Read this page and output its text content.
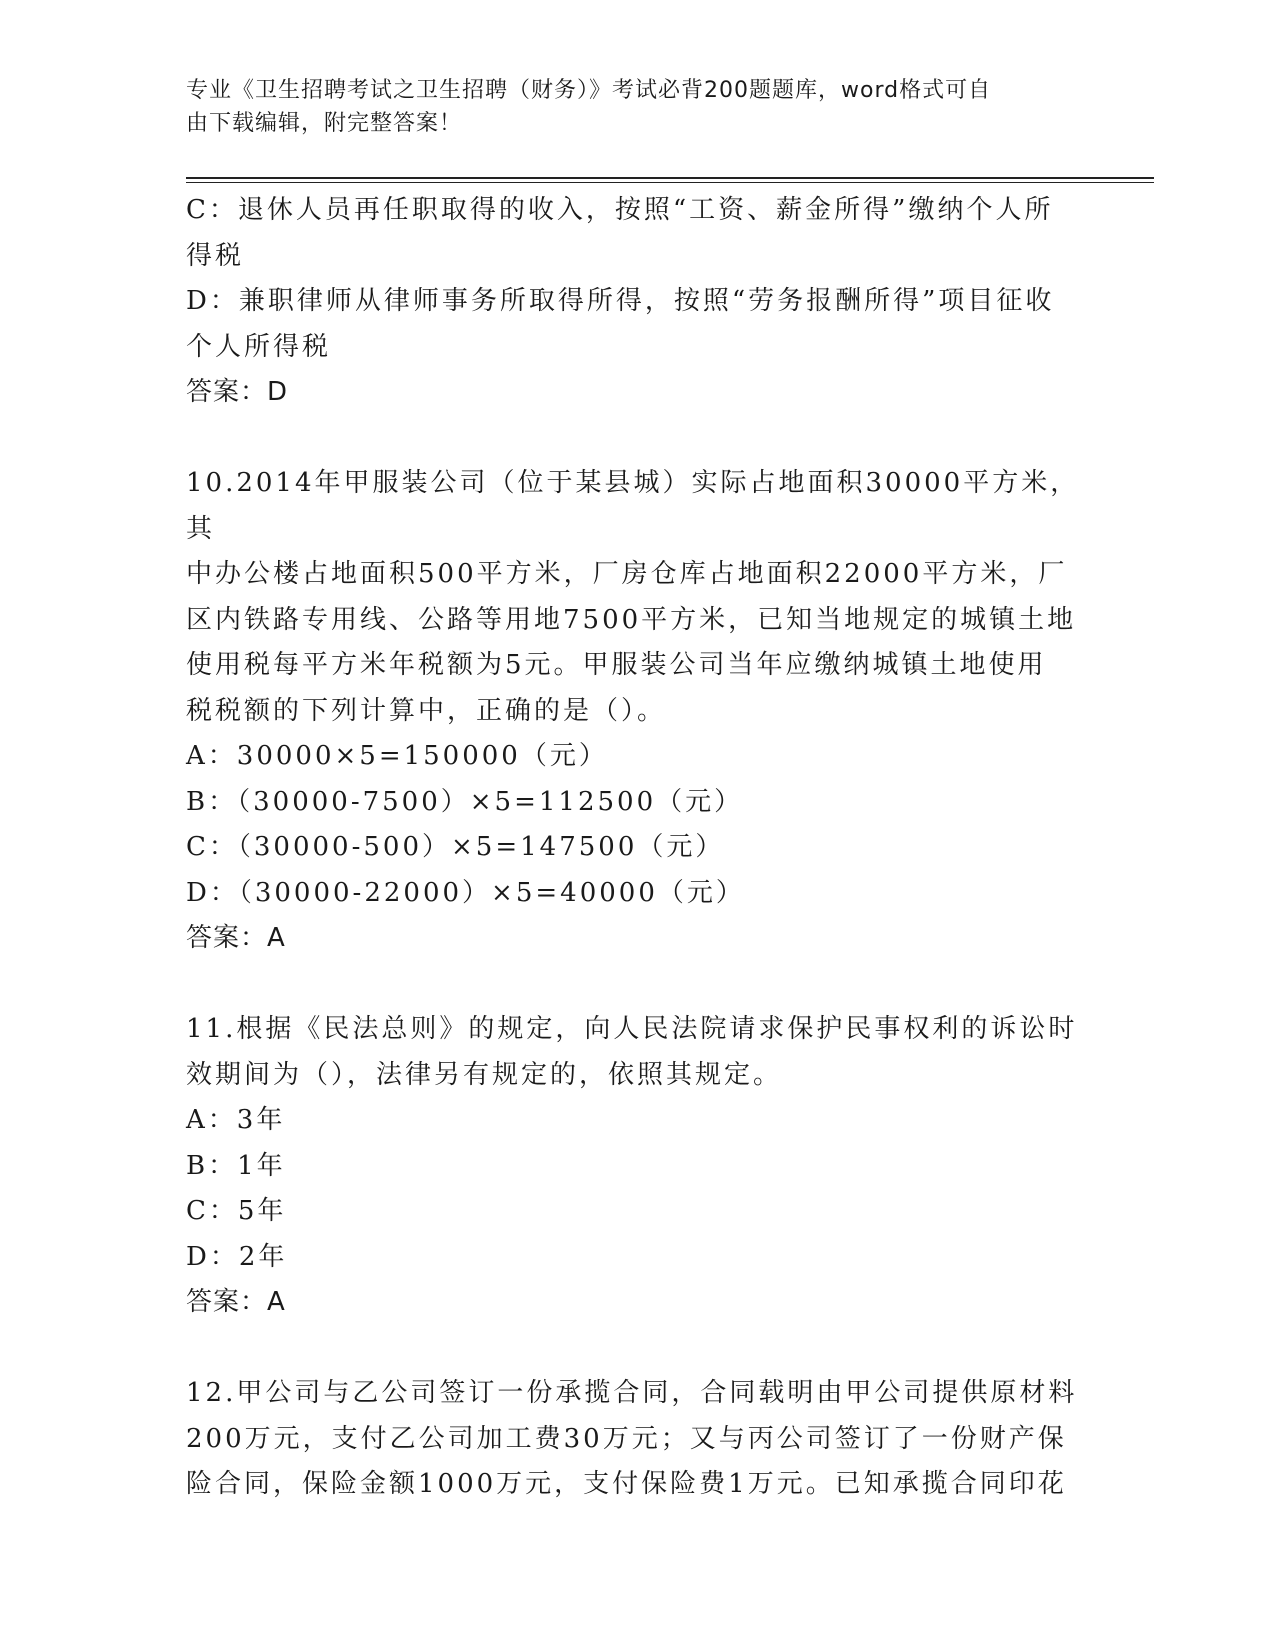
专业《卫生招聘考试之卫生招聘（财务）》考试必背200题题库，word格式可自
由下载编辑，附完整答案！

C：退休人员再任职取得的收入，按照“工资、薪金所得”缴纳个人所

得税

D：兼职律师从律师事务所取得所得，按照“劳务报酬所得”项目征收

个人所得税

答案：D

10.2014年甲服装公司（位于某县城）实际占地面积30000平方米，其

中办公楼占地面积500平方米，厂房仓库占地面积22000平方米，厂

区内铁路专用线、公路等用地7500平方米，已知当地规定的城镇土地

使用税每平方米年税额为5元。甲服装公司当年应缴纳城镇土地使用

税税额的下列计算中，正确的是（）。

A：30000×5=150000（元）

B：（30000-7500）×5=112500（元）

C：（30000-500）×5=147500（元）

D：（30000-22000）×5=40000（元）

答案：A

11.根据《民法总则》的规定，向人民法院请求保护民事权利的诉讼时

效期间为（），法律另有规定的，依照其规定。

A：3年

B：1年

C：5年

D：2年

答案：A

12.甲公司与乙公司签订一份承揽合同，合同载明由甲公司提供原材料

200万元，支付乙公司加工费30万元；又与丙公司签订了一份财产保

险合同，保险金额1000万元，支付保险费1万元。已知承揽合同印花
